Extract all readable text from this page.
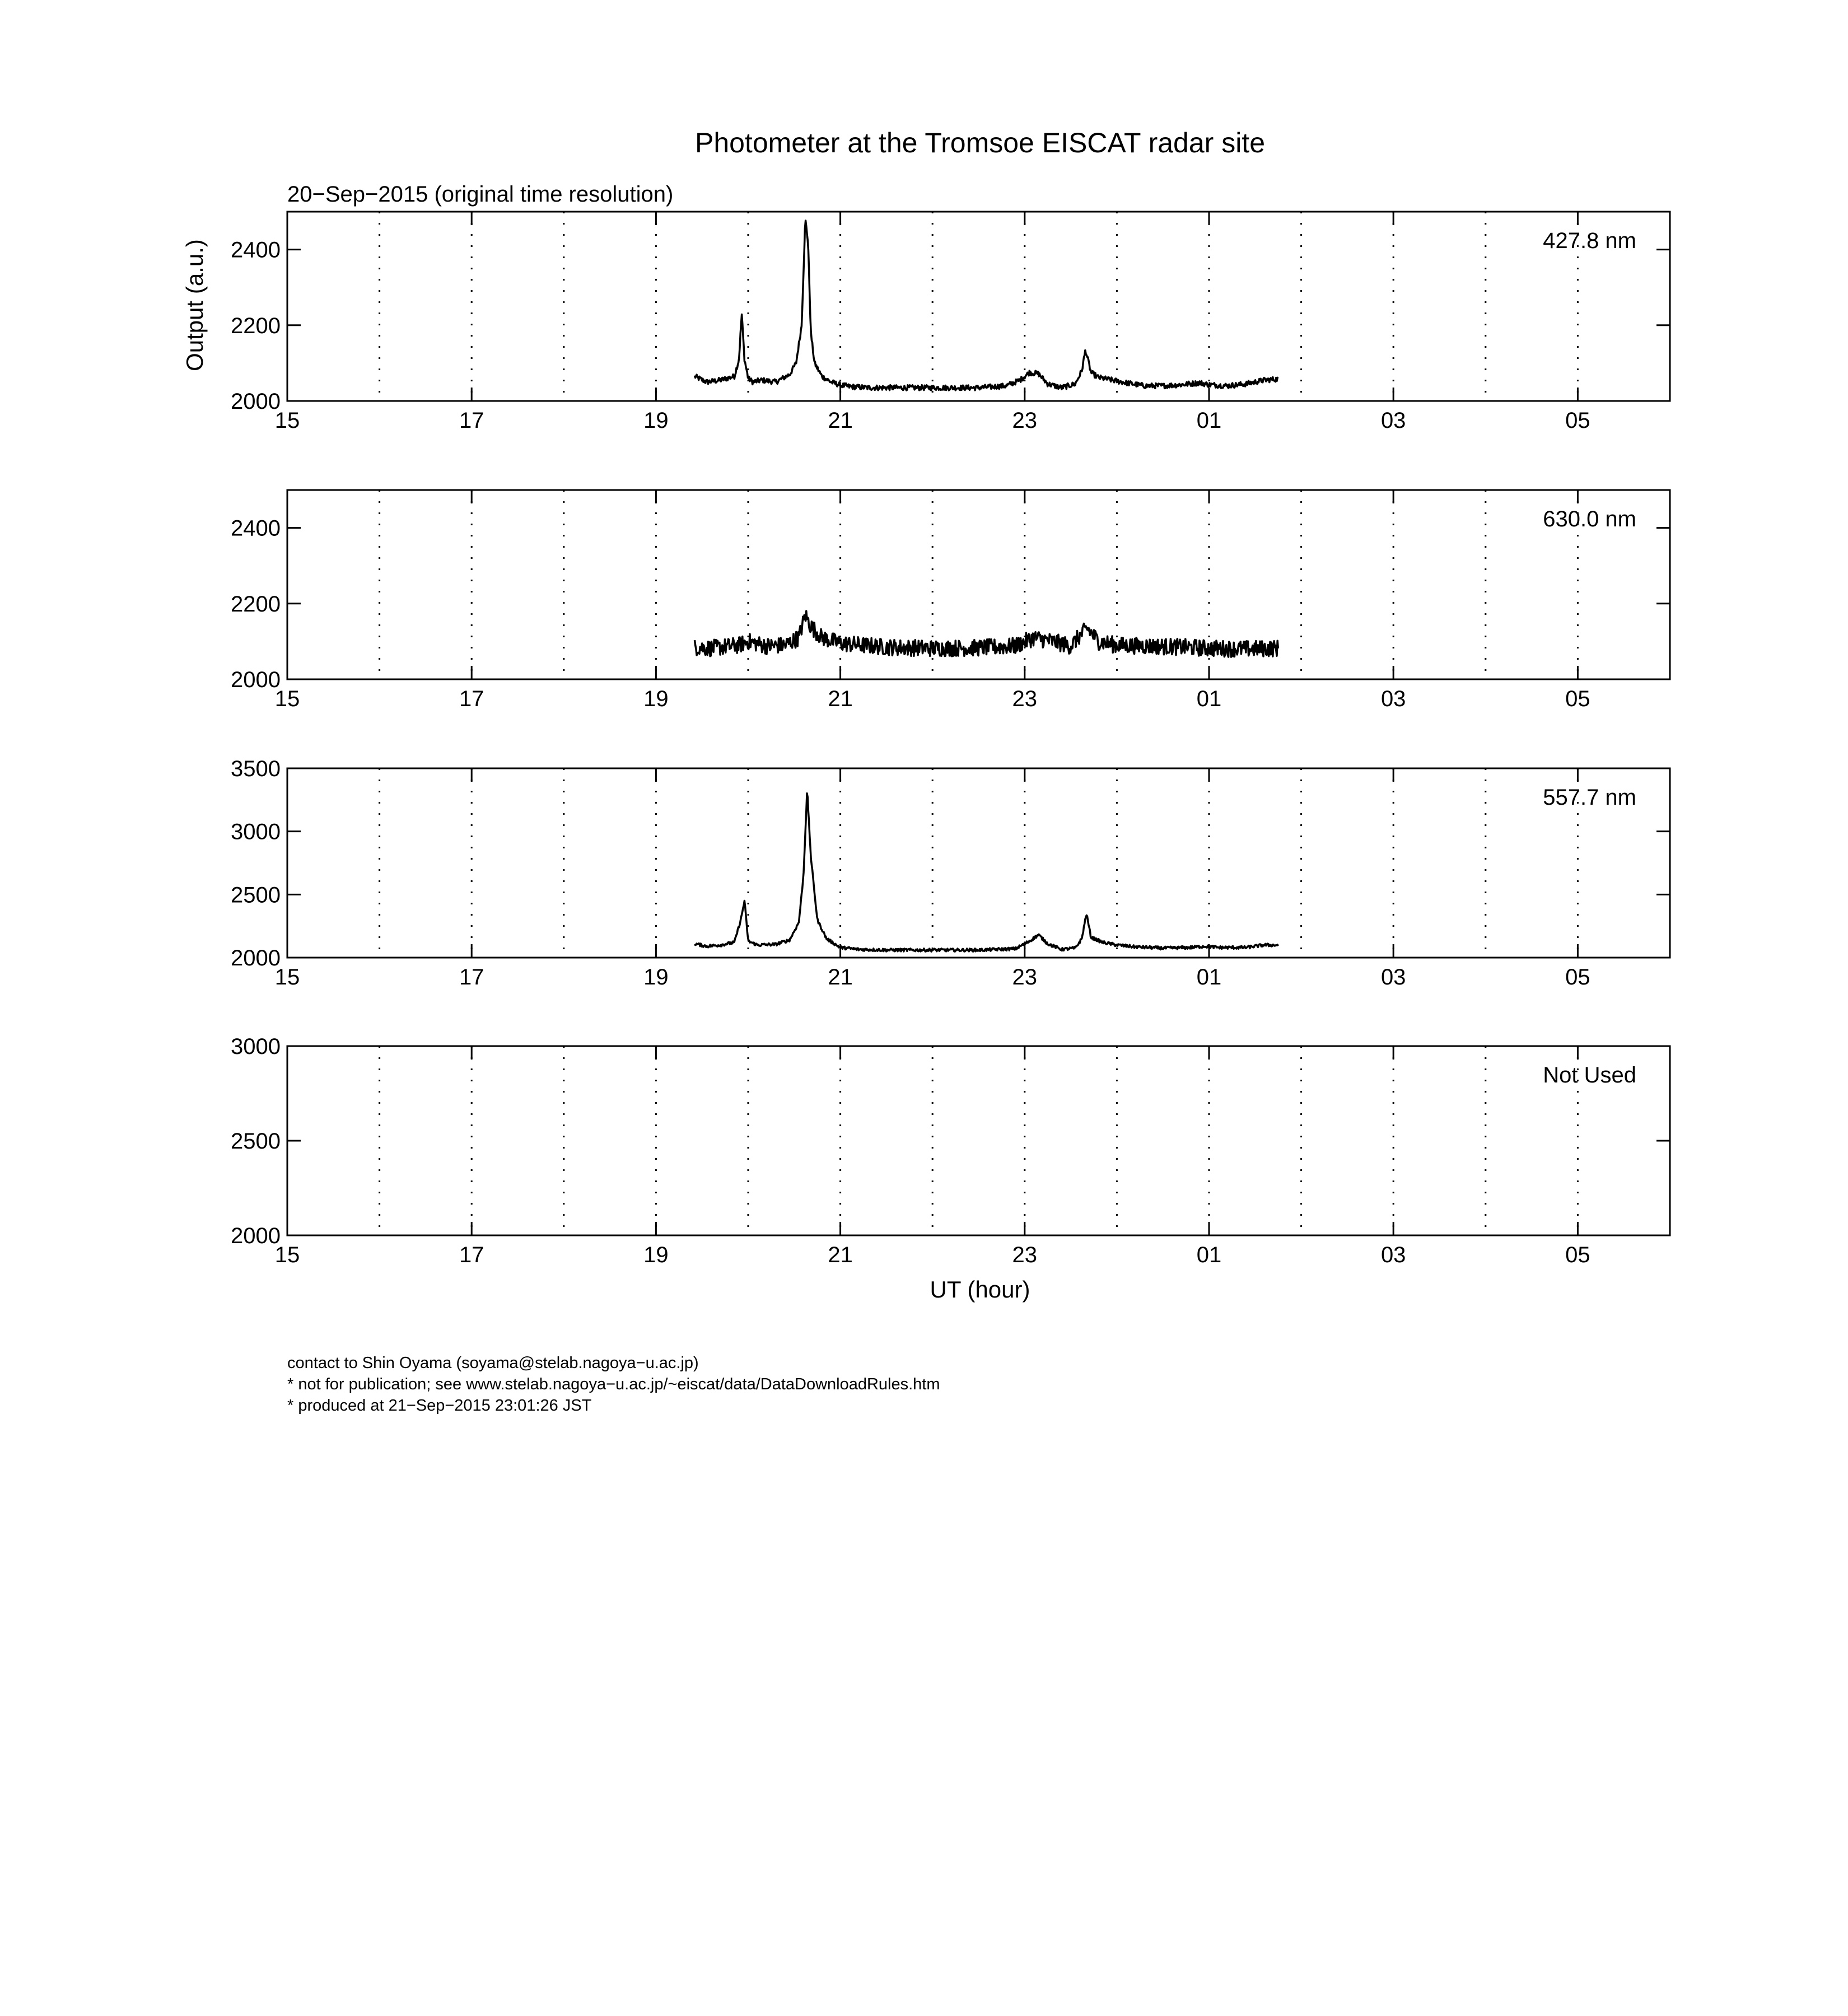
Photometer at the Tromsoe EISCAT radar site
20−Sep−2015 (original time resolution)
Output (a.u.)
15	17	19	21	23	01	03	05
2000
2200
2400	427.8 nm
15	17	19	21	23	01	03	05
2000
2200
2400	630.0 nm
15	17	19	21	23	01	03	05
2000
2500
3000
3500
557.7 nm
15	17	19	21	23	01	03	05
2000
2500
3000
Not Used
UT (hour)
contact to Shin Oyama (soyama@stelab.nagoya−u.ac.jp)
* not for publication; see www.stelab.nagoya−u.ac.jp/~eiscat/data/DataDownloadRules.htm
* produced at 21−Sep−2015 23:01:26 JST
